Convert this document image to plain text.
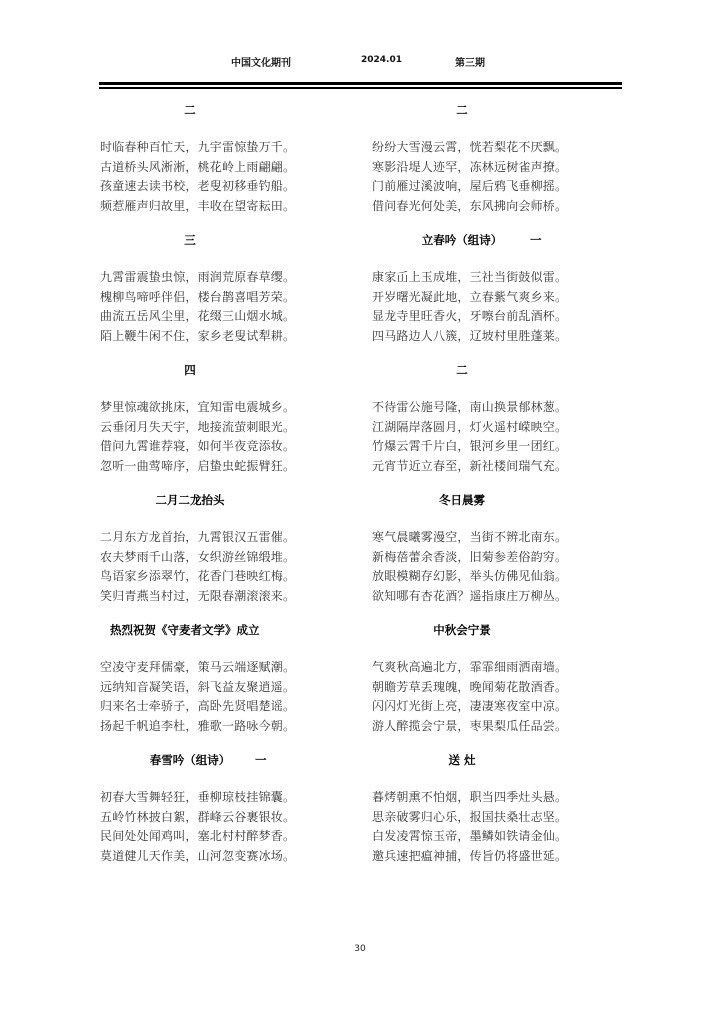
中国文化期刊	2024.01	第三期
二
时临春种百忙天，九宇雷惊蛰万千。
古道桥头风淅淅，桃花岭上雨翩翩。
孩童速去读书校，老叟初移垂钓船。
频惹雁声归故里，丰收在望寄耘田。
三
九霄雷震蛰虫惊，雨润荒原春草缨。
槐柳鸟啼呼伴侣，楼台鹊喜唱芳荣。
曲流五岳风尘里，花缀三山烟水城。
陌上鞭牛闲不住，家乡老叟试犁耕。
四
梦里惊魂欲挑床，宜知雷电震城乡。
云垂闭月失天宇，地接流萤刺眼光。
借问九霄谁荐寝，如何半夜竞添妆。
忽听一曲莺啼序，启蛰虫蛇振臂狂。
二月二龙抬头
二月东方龙首抬，九霄银汉五雷催。
农夫梦雨千山落，女织游丝锦缎堆。
鸟语家乡添翠竹，花香门巷映红梅。
笑归青燕当村过，无限春潮滚滚来。
热烈祝贺《守麦者文学》成立
空凌守麦拜儒豪，策马云端逐赋潮。
远纳知音凝笑语，斜飞益友聚逍遥。
归来名士牵骄子，高卧先贤唱楚谣。
扬起千帆追李杜，雅歌一路咏今朝。
春雪吟（组诗） 一
初春大雪舞轻狂，垂柳琼枝挂锦囊。
五岭竹林披白絮，群峰云谷裹银妆。
民间处处闻鸡叫，塞北村村醉梦香。
莫道健儿天作美，山河忽变赛冰场。
二
纷纷大雪漫云霄，恍若梨花不厌飘。
寒影沿堤人迹罕，冻林远树雀声撩。
门前雁过溪波响，屋后鸦飞垂柳摇。
借问春光何处美，东风拂向会师桥。
立春吟（组诗） 一
康家屲上玉成堆，三社当街鼓似雷。
开岁曙光凝此地，立春紫气爽乡来。
显龙寺里旺香火，牙嚓台前乱酒杯。
四马路边人八簇，辽坡村里胜蓬莱。
二
不待雷公施号隆，南山换景郁林葱。
江湖隔岸落圆月，灯火遥村嵘映空。
竹爆云霄千片白，银河乡里一团红。
元宵节近立春至，新社楼间瑞气充。
冬日晨雾
寒气晨曦雾漫空，当街不辨北南东。
新梅蓓蕾余香淡，旧菊参差俗韵穷。
放眼模糊存幻影，举头仿佛见仙翁。
欲知哪有杏花酒？遥指康庄万柳丛。
中秋会宁景
气爽秋高遍北方，霏霏细雨洒南墙。
朝瞻芳草丢瑰魄，晚闻菊花散酒香。
闪闪灯光街上亮，凄凄寒夜室中凉。
游人醉揽会宁景，枣果梨瓜任品尝。
送 灶
暮烤朝熏不怕烟，职当四季灶头悬。
思亲破雾归心乐，报国扶桑壮志坚。
白发凌霄惊玉帝，墨鳞如铁请金仙。
邀兵速把瘟神捕，传旨仍将盛世延。
30
